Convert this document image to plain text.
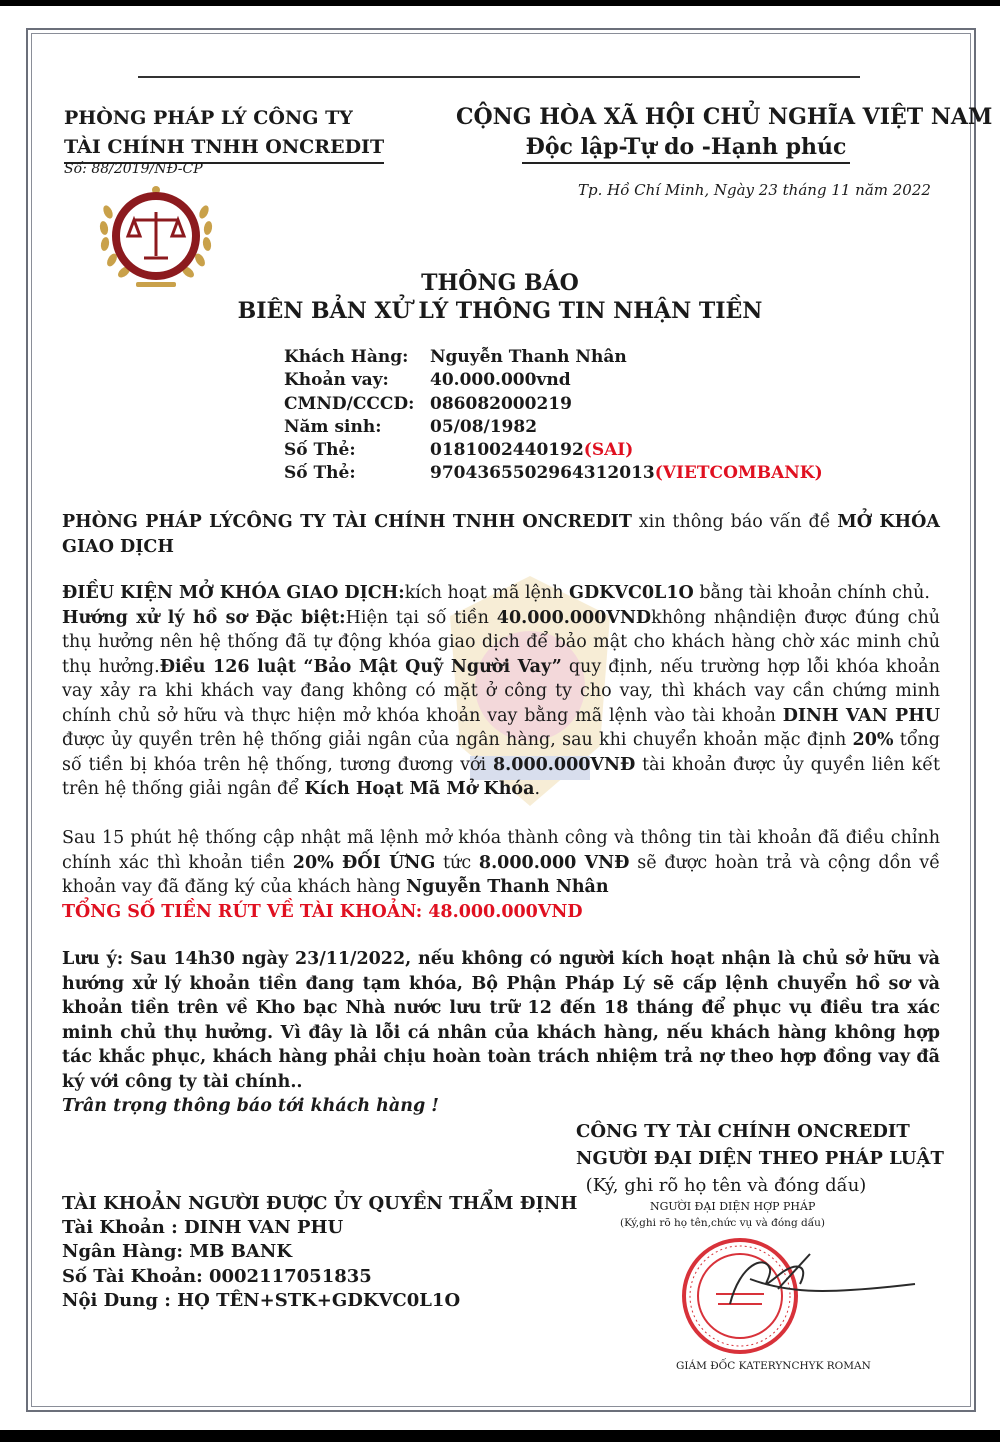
PHÒNG PHÁP LÝ CÔNG TY
TÀI CHÍNH TNHH ONCREDIT
Số: 88/2019/NĐ-CP
CỘNG HÒA XÃ HỘI CHỦ NGHĨA VIỆT NAM
Độc lập-Tự do -Hạnh phúc
Tp. Hồ Chí Minh, Ngày 23 tháng 11 năm 2022
THÔNG BÁO
BIÊN BẢN XỬ LÝ THÔNG TIN NHẬN TIỀN
Khách Hàng:	Nguyễn Thanh Nhân
Khoản vay:	40.000.000vnd
CMND/CCCD: 086082000219
Năm sinh:	05/08/1982
Số Thẻ:	0181002440192 (SAI)
Số Thẻ:	9704365502964312013 (VIETCOMBANK)
PHÒNG PHÁP LÝCÔNG TY TÀI CHÍNH TNHH ONCREDIT xin thông báo vấn đề MỞ KHÓA GIAO DỊCH
ĐIỀU KIỆN MỞ KHÓA GIAO DỊCH:kích hoạt mã lệnh GDKVC0L1O bằng tài khoản chính chủ.
Hướng xử lý hồ sơ Đặc biệt:Hiện tại số tiền 40.000.000VNDkhông nhậndiện được đúng chủ thụ hưởng nên hệ thống đã tự động khóa giao dịch để bảo mật cho khách hàng chờ xác minh chủ thụ hưởng.Điều 126 luật “Bảo Mật Quỹ Người Vay” quy định, nếu trường hợp lỗi khóa khoản vay xảy ra khi khách vay đang không có mặt ở công ty cho vay, thì khách vay cần chứng minh chính chủ sở hữu và thực hiện mở khóa khoản vay bằng mã lệnh vào tài khoản DINH VAN PHU được ủy quyền trên hệ thống giải ngân của ngân hàng, sau khi chuyển khoản mặc định 20% tổng số tiền bị khóa trên hệ thống, tương đương với 8.000.000VNĐ tài khoản được ủy quyền liên kết trên hệ thống giải ngân để Kích Hoạt Mã Mở Khóa.
Sau 15 phút hệ thống cập nhật mã lệnh mở khóa thành công và thông tin tài khoản đã điều chỉnh chính xác thì khoản tiền 20% ĐỐI ỨNG tức 8.000.000 VNĐ sẽ được hoàn trả và cộng dồn về khoản vay đã đăng ký của khách hàng Nguyễn Thanh Nhân
TỔNG SỐ TIỀN RÚT VỀ TÀI KHOẢN: 48.000.000VND
Lưu ý: Sau 14h30 ngày 23/11/2022, nếu không có người kích hoạt nhận là chủ sở hữu và hướng xử lý khoản tiền đang tạm khóa, Bộ Phận Pháp Lý sẽ cấp lệnh chuyển hồ sơ và khoản tiền trên về Kho bạc Nhà nước lưu trữ 12 đến 18 tháng để phục vụ điều tra xác minh chủ thụ hưởng. Vì đây là lỗi cá nhân của khách hàng, nếu khách hàng không hợp tác khắc phục, khách hàng phải chịu hoàn toàn trách nhiệm trả nợ theo hợp đồng vay đã ký với công ty tài chính..
Trân trọng thông báo tới khách hàng !
CÔNG TY TÀI CHÍNH ONCREDIT
NGƯỜI ĐẠI DIỆN THEO PHÁP LUẬT
(Ký, ghi rõ họ tên và đóng dấu)
NGƯỜI ĐẠI DIỆN HỢP PHÁP
(Ký,ghi rõ họ tên,chức vụ và đóng dấu)
GIÁM ĐỐC KATERYNCHYK ROMAN
TÀI KHOẢN NGƯỜI ĐƯỢC ỦY QUYỀN THẨM ĐỊNH
Tài Khoản : DINH VAN PHU
Ngân Hàng: MB BANK
Số Tài Khoản: 0002117051835
Nội Dung : HỌ TÊN+STK+GDKVC0L1O
